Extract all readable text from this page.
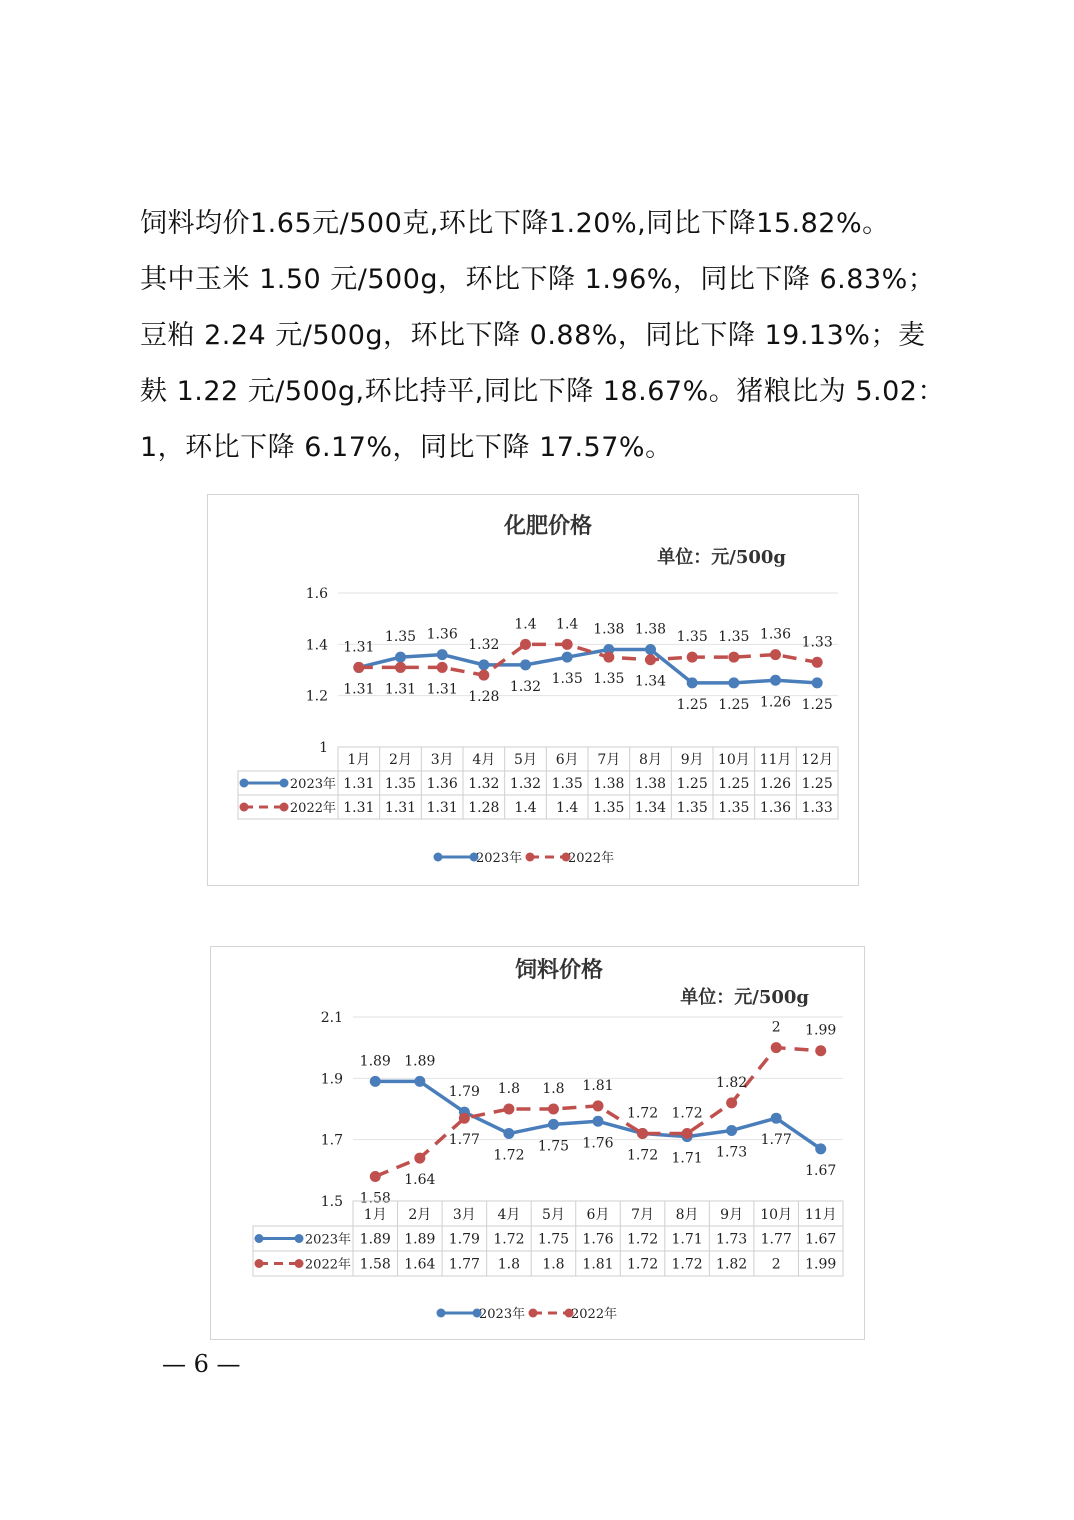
饲料均价1.65元/500克,环比下降1.20%,同比下降15.82%。
其中玉米 1.50 元/500g，环比下降 1.96%，同比下降 6.83%；
豆粕 2.24 元/500g，环比下降 0.88%，同比下降 19.13%；麦
麸 1.22 元/500g,环比持平,同比下降 18.67%。猪粮比为 5.02：
1，环比下降 6.17%，同比下降 17.57%。
化肥价格
单位：元/500g
1
1.2
1.4
1.6
1.31
1.31
1.35
1.31
1.36
1.31
1.32
1.28
1.32
1.4
1.35
1.4 1.38
1.35
1.38
1.34
1.25
1.35
1.25
1.35
1.26
1.36
1.25
1.33
1月 2月 3月 4月 5月 6月 7月 8月 9月 10月 11月 12月
2023年 1.31 1.35 1.36 1.32 1.32 1.35 1.38 1.38 1.25 1.25 1.26 1.25
2022年 1.31 1.31 1.31 1.28 1.4 1.4 1.35 1.34 1.35 1.35 1.36 1.33
2023年	2022年
饲料价格
单位：元/500g
1.5
1.7
1.9
2.1
1.89
1.58
1.89
1.64
1.79
1.77
1.72
1.8
1.75
1.8
1.76
1.81
1.72
1.72 1.71
1.72
1.73
1.82
1.77
2
1.67
1.99
1月 2月 3月 4月 5月 6月 7月 8月 9月 10月 11月
2023年 1.89 1.89 1.79 1.72 1.75 1.76 1.72 1.71 1.73 1.77 1.67
2022年 1.58 1.64 1.77 1.8 1.8 1.81 1.72 1.72 1.82 2 1.99
2023年	2022年
— 6 —
